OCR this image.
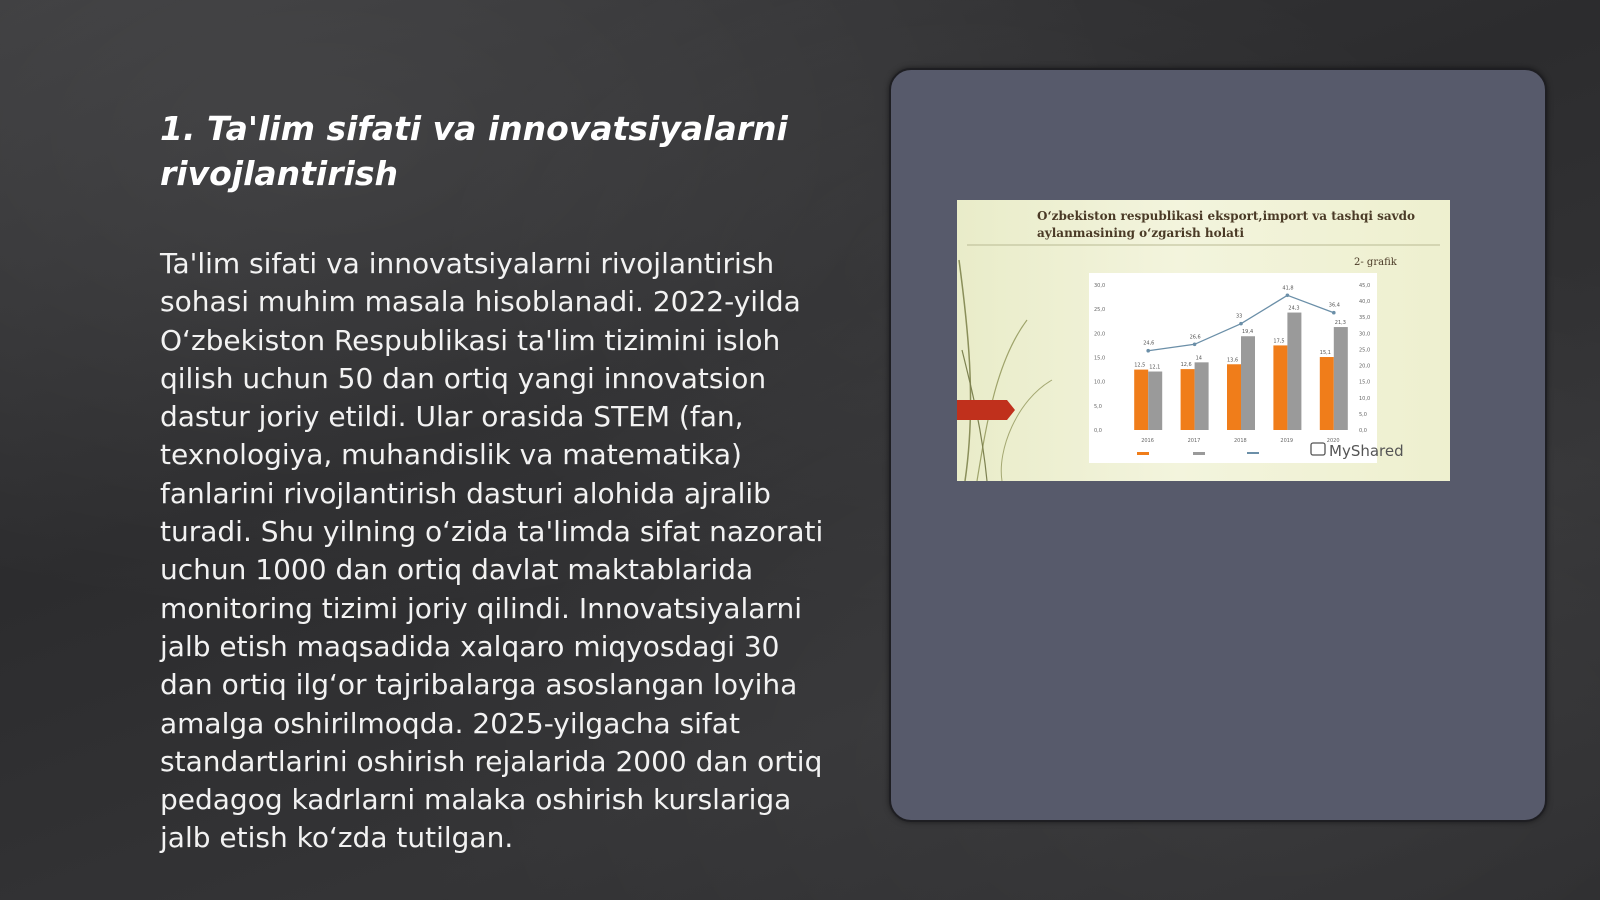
1. Ta'lim sifati va innovatsiyalarni rivojlantirish

Ta'lim sifati va innovatsiyalarni rivojlantirish sohasi muhim masala hisoblanadi. 2022-yilda O‘zbekiston Respublikasi ta'lim tizimini isloh qilish uchun 50 dan ortiq yangi innovatsion dastur joriy etildi. Ular orasida STEM (fan, texnologiya, muhandislik va matematika) fanlarini rivojlantirish dasturi alohida ajralib turadi. Shu yilning o‘zida ta'limda sifat nazorati uchun 1000 dan ortiq davlat maktablarida monitoring tizimi joriy qilindi. Innovatsiyalarni jalb etish maqsadida xalqaro miqyosdagi 30 dan ortiq ilg‘or tajribalarga asoslangan loyiha amalga oshirilmoqda. 2025-yilgacha sifat standartlarini oshirish rejalarida 2000 dan ortiq pedagog kadrlarni malaka oshirish kurslariga jalb etish ko‘zda tutilgan.

O‘zbekiston respublikasi eksport,import va tashqi savdo
aylanmasining o‘zgarish holati
2- grafik
0,0
5,0
10,0
15,0
20,0
25,0
30,0
0,0
5,0
10,0
15,0
20,0
25,0
30,0
35,0
40,0
45,0
12,5 12,1
2016
12,6
14
2017
13,6
19,4
2018
17,5
24,3
2019
15,1
21,3
2020
24,6
26,6
33
41,8
36,4
MyShared
